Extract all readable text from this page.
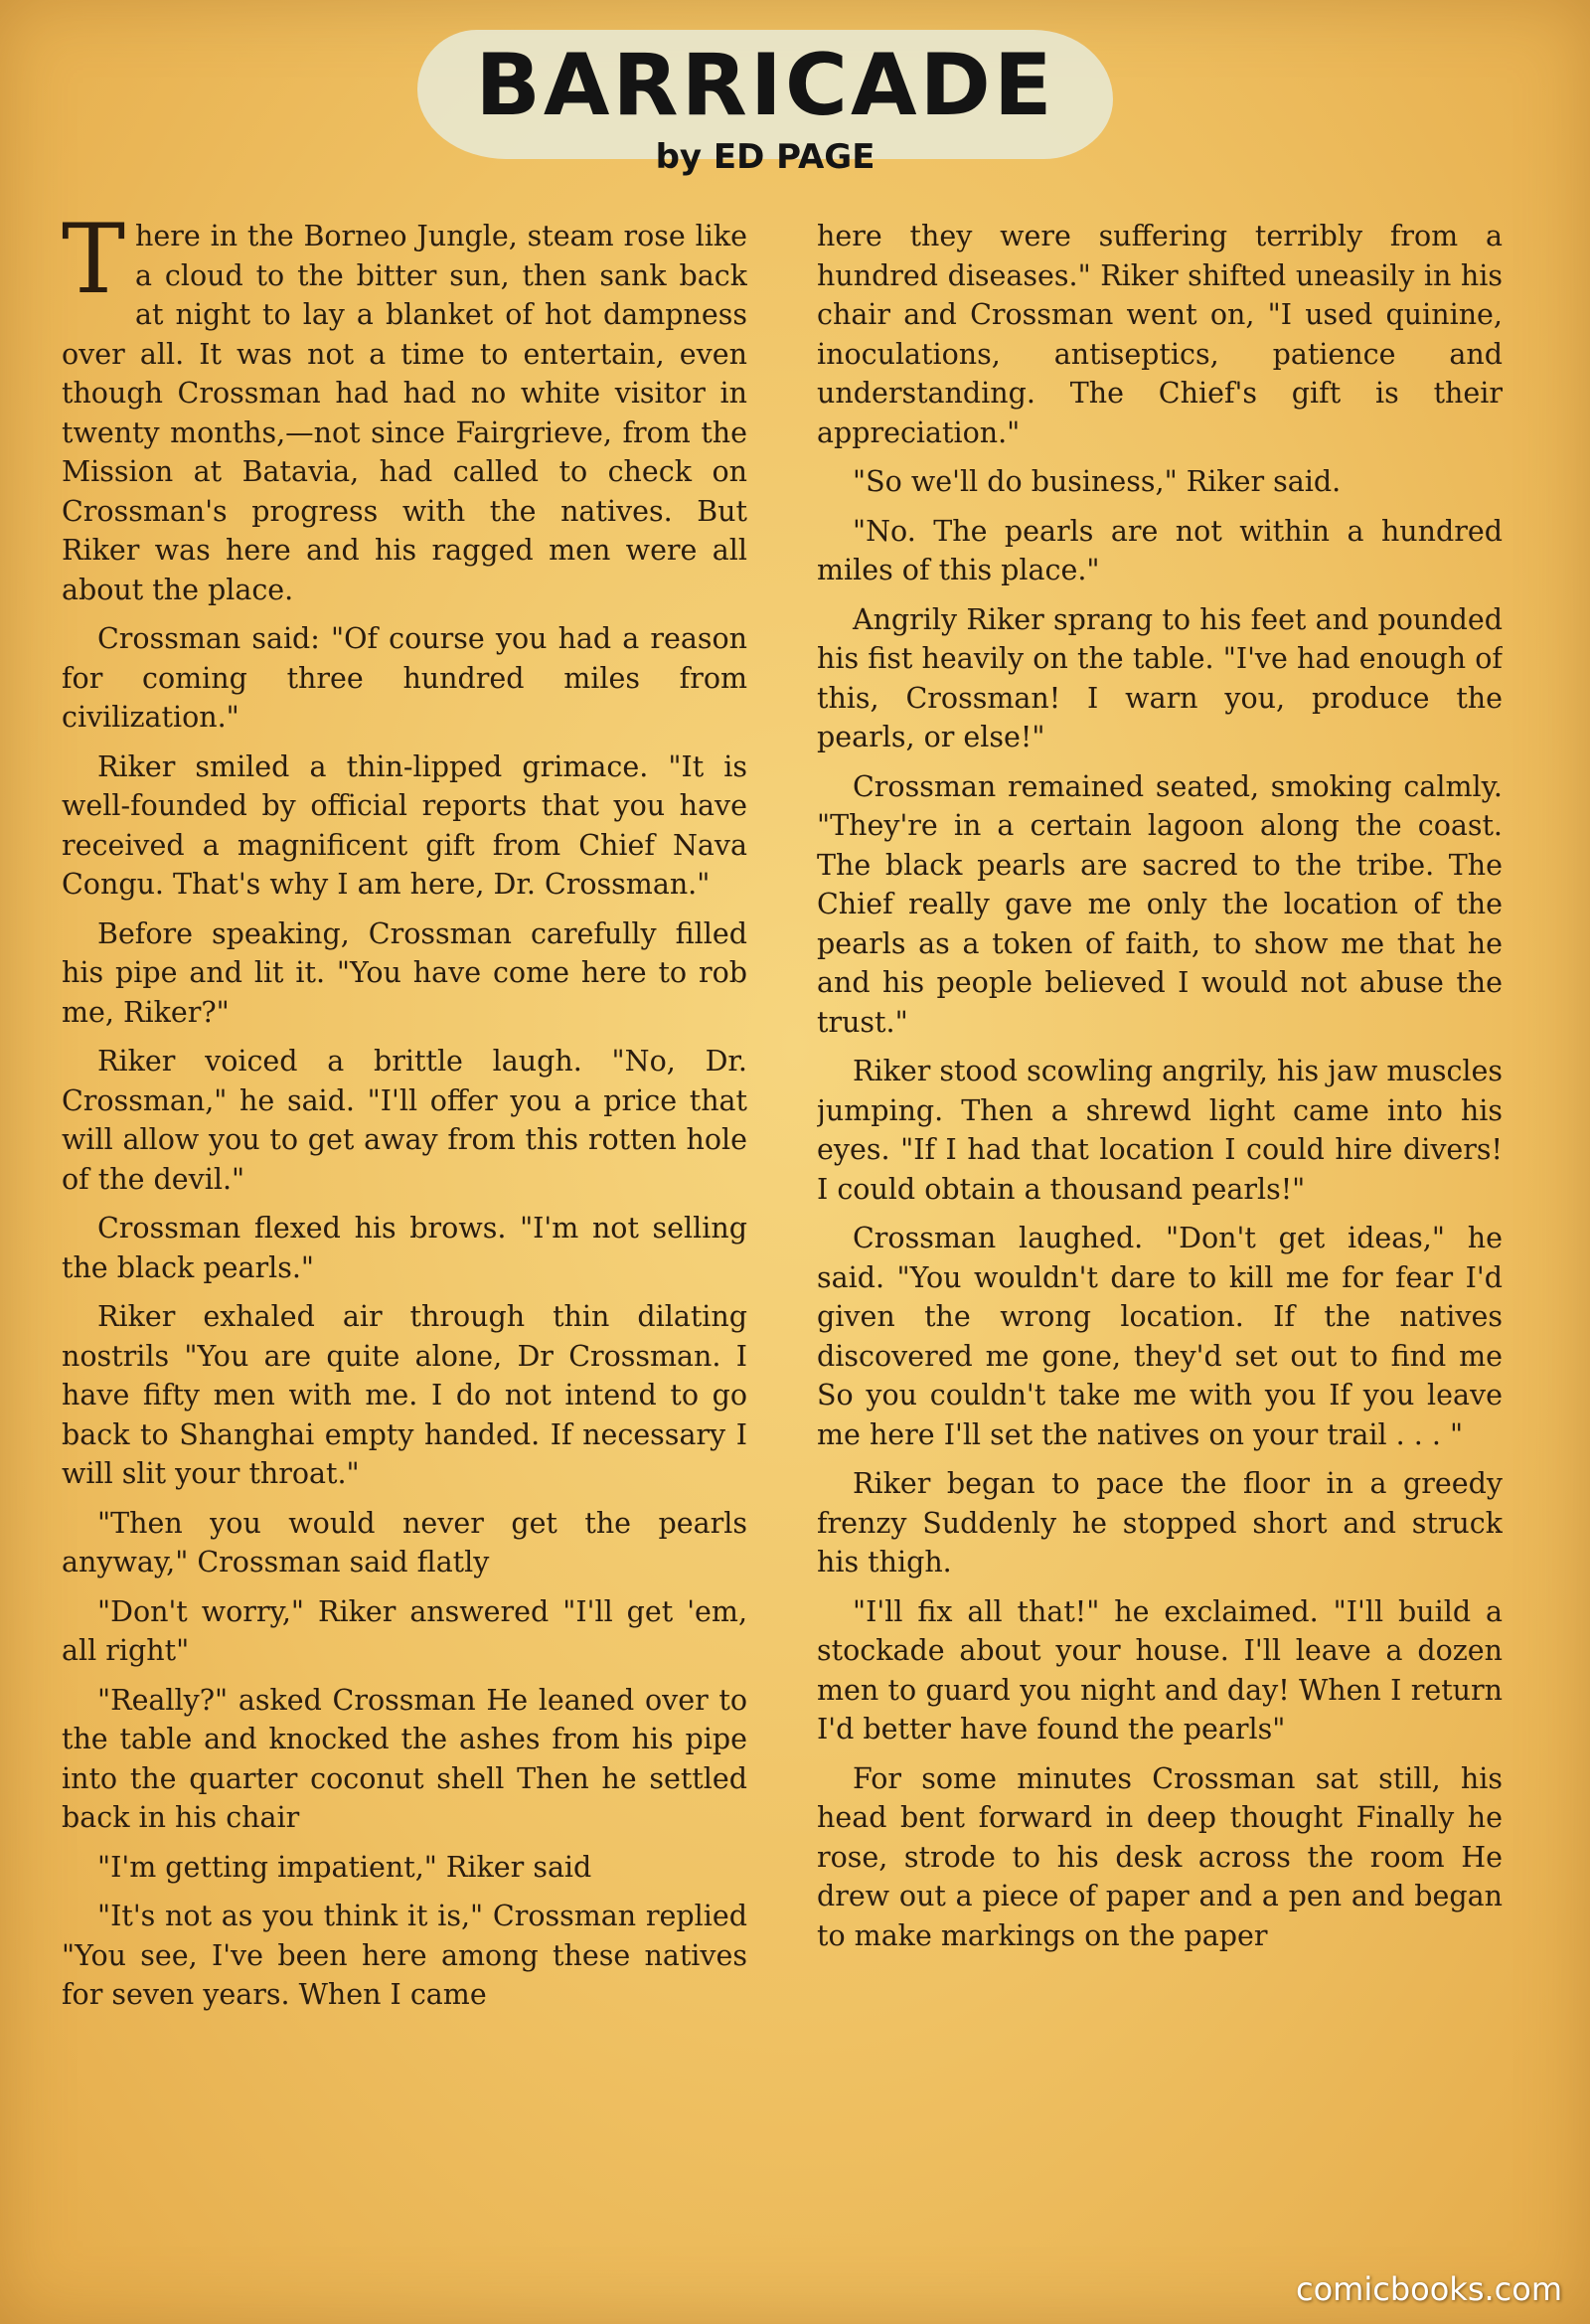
BARRICADE

by ED PAGE

There in the Borneo Jungle, steam rose like a cloud to the bitter sun, then sank back at night to lay a blanket of hot dampness over all. It was not a time to entertain, even though Crossman had had no white visitor in twenty months,—not since Fairgrieve, from the Mission at Batavia, had called to check on Crossman's progress with the natives. But Riker was here and his ragged men were all about the place.

Crossman said: "Of course you had a reason for coming three hundred miles from civilization."

Riker smiled a thin-lipped grimace. "It is well-founded by official reports that you have received a magnificent gift from Chief Nava Congu. That's why I am here, Dr. Crossman."

Before speaking, Crossman carefully filled his pipe and lit it. "You have come here to rob me, Riker?"

Riker voiced a brittle laugh. "No, Dr. Crossman," he said. "I'll offer you a price that will allow you to get away from this rotten hole of the devil."

Crossman flexed his brows. "I'm not selling the black pearls."

Riker exhaled air through thin dilating nostrils "You are quite alone, Dr Crossman. I have fifty men with me. I do not intend to go back to Shanghai empty handed. If necessary I will slit your throat."

"Then you would never get the pearls anyway," Crossman said flatly

"Don't worry," Riker answered "I'll get 'em, all right"

"Really?" asked Crossman He leaned over to the table and knocked the ashes from his pipe into the quarter coconut shell Then he settled back in his chair

"I'm getting impatient," Riker said

"It's not as you think it is," Crossman replied "You see, I've been here among these natives for seven years. When I came

here they were suffering terribly from a hundred diseases." Riker shifted uneasily in his chair and Crossman went on, "I used quinine, inoculations, antiseptics, patience and understanding. The Chief's gift is their appreciation."

"So we'll do business," Riker said.

"No. The pearls are not within a hundred miles of this place."

Angrily Riker sprang to his feet and pounded his fist heavily on the table. "I've had enough of this, Crossman! I warn you, produce the pearls, or else!"

Crossman remained seated, smoking calmly. "They're in a certain lagoon along the coast. The black pearls are sacred to the tribe. The Chief really gave me only the location of the pearls as a token of faith, to show me that he and his people believed I would not abuse the trust."

Riker stood scowling angrily, his jaw muscles jumping. Then a shrewd light came into his eyes. "If I had that location I could hire divers! I could obtain a thousand pearls!"

Crossman laughed. "Don't get ideas," he said. "You wouldn't dare to kill me for fear I'd given the wrong location. If the natives discovered me gone, they'd set out to find me So you couldn't take me with you If you leave me here I'll set the natives on your trail . . . "

Riker began to pace the floor in a greedy frenzy Suddenly he stopped short and struck his thigh.

"I'll fix all that!" he exclaimed. "I'll build a stockade about your house. I'll leave a dozen men to guard you night and day! When I return I'd better have found the pearls"

For some minutes Crossman sat still, his head bent forward in deep thought Finally he rose, strode to his desk across the room He drew out a piece of paper and a pen and began to make markings on the paper

comicbooks.com
